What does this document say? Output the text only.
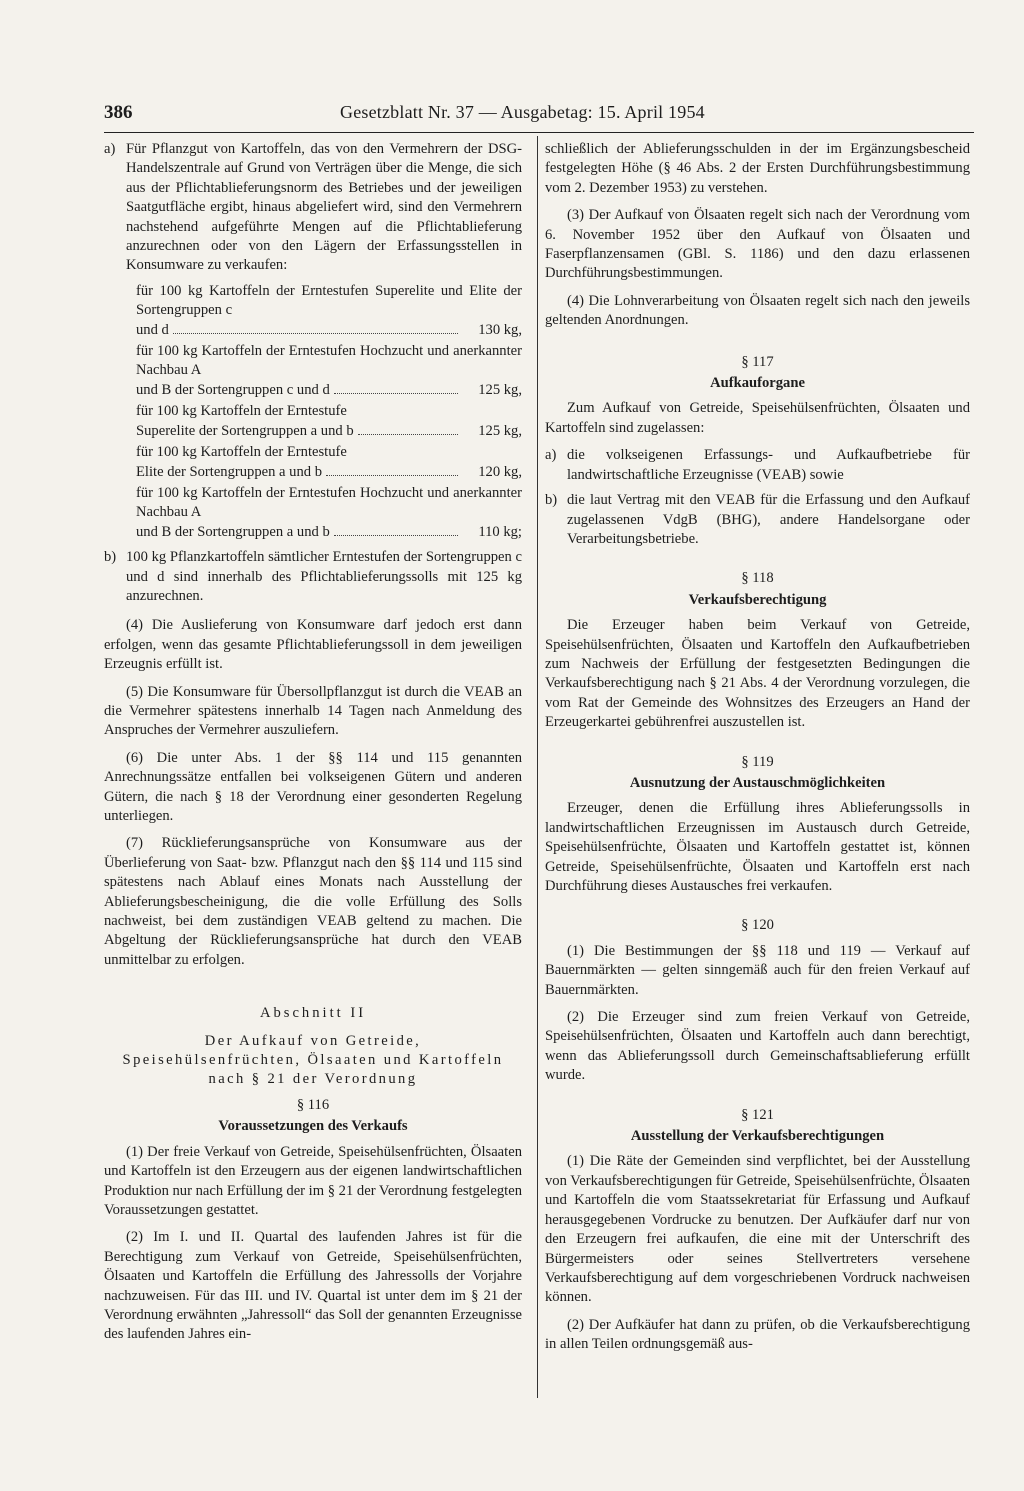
386	Gesetzblatt Nr. 37 — Ausgabetag: 15. April 1954
a) Für Pflanzgut von Kartoffeln, das von den Vermehrern der DSG-Handelszentrale auf Grund von Verträgen über die Menge, die sich aus der Pflichtablieferungsnorm des Betriebes und der jeweiligen Saatgutfläche ergibt, hinaus abgeliefert wird, sind den Vermehrern nachstehend aufgeführte Mengen auf die Pflichtablieferung anzurechnen oder von den Lägern der Erfassungsstellen in Konsumware zu verkaufen:
für 100 kg Kartoffeln der Erntestufen Superelite und Elite der Sortengruppen c
und d	130 kg,
für 100 kg Kartoffeln der Erntestufen Hochzucht und anerkannter Nachbau A
und B der Sortengruppen c und d	125 kg,
für 100 kg Kartoffeln der Erntestufe
Superelite der Sortengruppen a und b	125 kg,
für 100 kg Kartoffeln der Erntestufe
Elite der Sortengruppen a und b	120 kg,
für 100 kg Kartoffeln der Erntestufen Hochzucht und anerkannter Nachbau A
und B der Sortengruppen a und b	110 kg;
b) 100 kg Pflanzkartoffeln sämtlicher Erntestufen der Sortengruppen c und d sind innerhalb des Pflichtablieferungssolls mit 125 kg anzurechnen.

(4) Die Auslieferung von Konsumware darf jedoch erst dann erfolgen, wenn das gesamte Pflichtablieferungssoll in dem jeweiligen Erzeugnis erfüllt ist.

(5) Die Konsumware für Übersollpflanzgut ist durch die VEAB an die Vermehrer spätestens innerhalb 14 Tagen nach Anmeldung des Anspruches der Vermehrer auszuliefern.

(6) Die unter Abs. 1 der §§ 114 und 115 genannten Anrechnungssätze entfallen bei volkseigenen Gütern und anderen Gütern, die nach § 18 der Verordnung einer gesonderten Regelung unterliegen.

(7) Rücklieferungsansprüche von Konsumware aus der Überlieferung von Saat- bzw. Pflanzgut nach den §§ 114 und 115 sind spätestens nach Ablauf eines Monats nach Ausstellung der Ablieferungsbescheinigung, die die volle Erfüllung des Solls nachweist, bei dem zuständigen VEAB geltend zu machen. Die Abgeltung der Rücklieferungsansprüche hat durch den VEAB unmittelbar zu erfolgen.

Abschnitt II
Der Aufkauf von Getreide, Speisehülsenfrüchten, Ölsaaten und Kartoffeln nach § 21 der Verordnung
§ 116
Voraussetzungen des Verkaufs

(1) Der freie Verkauf von Getreide, Speisehülsenfrüchten, Ölsaaten und Kartoffeln ist den Erzeugern aus der eigenen landwirtschaftlichen Produktion nur nach Erfüllung der im § 21 der Verordnung festgelegten Voraussetzungen gestattet.

(2) Im I. und II. Quartal des laufenden Jahres ist für die Berechtigung zum Verkauf von Getreide, Speisehülsenfrüchten, Ölsaaten und Kartoffeln die Erfüllung des Jahressolls der Vorjahre nachzuweisen. Für das III. und IV. Quartal ist unter dem im § 21 der Verordnung erwähnten „Jahressoll“ das Soll der genannten Erzeugnisse des laufenden Jahres ein-

schließlich der Ablieferungsschulden in der im Ergänzungsbescheid festgelegten Höhe (§ 46 Abs. 2 der Ersten Durchführungsbestimmung vom 2. Dezember 1953) zu verstehen.

(3) Der Aufkauf von Ölsaaten regelt sich nach der Verordnung vom 6. November 1952 über den Aufkauf von Ölsaaten und Faserpflanzensamen (GBl. S. 1186) und den dazu erlassenen Durchführungsbestimmungen.

(4) Die Lohnverarbeitung von Ölsaaten regelt sich nach den jeweils geltenden Anordnungen.

§ 117
Aufkauforgane

Zum Aufkauf von Getreide, Speisehülsenfrüchten, Ölsaaten und Kartoffeln sind zugelassen:

a) die volkseigenen Erfassungs- und Aufkaufbetriebe für landwirtschaftliche Erzeugnisse (VEAB) sowie
b) die laut Vertrag mit den VEAB für die Erfassung und den Aufkauf zugelassenen VdgB (BHG), andere Handelsorgane oder Verarbeitungsbetriebe.
§ 118
Verkaufsberechtigung

Die Erzeuger haben beim Verkauf von Getreide, Speisehülsenfrüchten, Ölsaaten und Kartoffeln den Aufkaufbetrieben zum Nachweis der Erfüllung der festgesetzten Bedingungen die Verkaufsberechtigung nach § 21 Abs. 4 der Verordnung vorzulegen, die vom Rat der Gemeinde des Wohnsitzes des Erzeugers an Hand der Erzeugerkartei gebührenfrei auszustellen ist.

§ 119
Ausnutzung der Austauschmöglichkeiten

Erzeuger, denen die Erfüllung ihres Ablieferungssolls in landwirtschaftlichen Erzeugnissen im Austausch durch Getreide, Speisehülsenfrüchte, Ölsaaten und Kartoffeln gestattet ist, können Getreide, Speisehülsenfrüchte, Ölsaaten und Kartoffeln erst nach Durchführung dieses Austausches frei verkaufen.

§ 120

(1) Die Bestimmungen der §§ 118 und 119 — Verkauf auf Bauernmärkten — gelten sinngemäß auch für den freien Verkauf auf Bauernmärkten.

(2) Die Erzeuger sind zum freien Verkauf von Getreide, Speisehülsenfrüchten, Ölsaaten und Kartoffeln auch dann berechtigt, wenn das Ablieferungssoll durch Gemeinschaftsablieferung erfüllt wurde.

§ 121
Ausstellung der Verkaufsberechtigungen

(1) Die Räte der Gemeinden sind verpflichtet, bei der Ausstellung von Verkaufsberechtigungen für Getreide, Speisehülsenfrüchte, Ölsaaten und Kartoffeln die vom Staatssekretariat für Erfassung und Aufkauf herausgegebenen Vordrucke zu benutzen. Der Aufkäufer darf nur von den Erzeugern frei aufkaufen, die eine mit der Unterschrift des Bürgermeisters oder seines Stellvertreters versehene Verkaufsberechtigung auf dem vorgeschriebenen Vordruck nachweisen können.

(2) Der Aufkäufer hat dann zu prüfen, ob die Verkaufsberechtigung in allen Teilen ordnungsgemäß aus-
